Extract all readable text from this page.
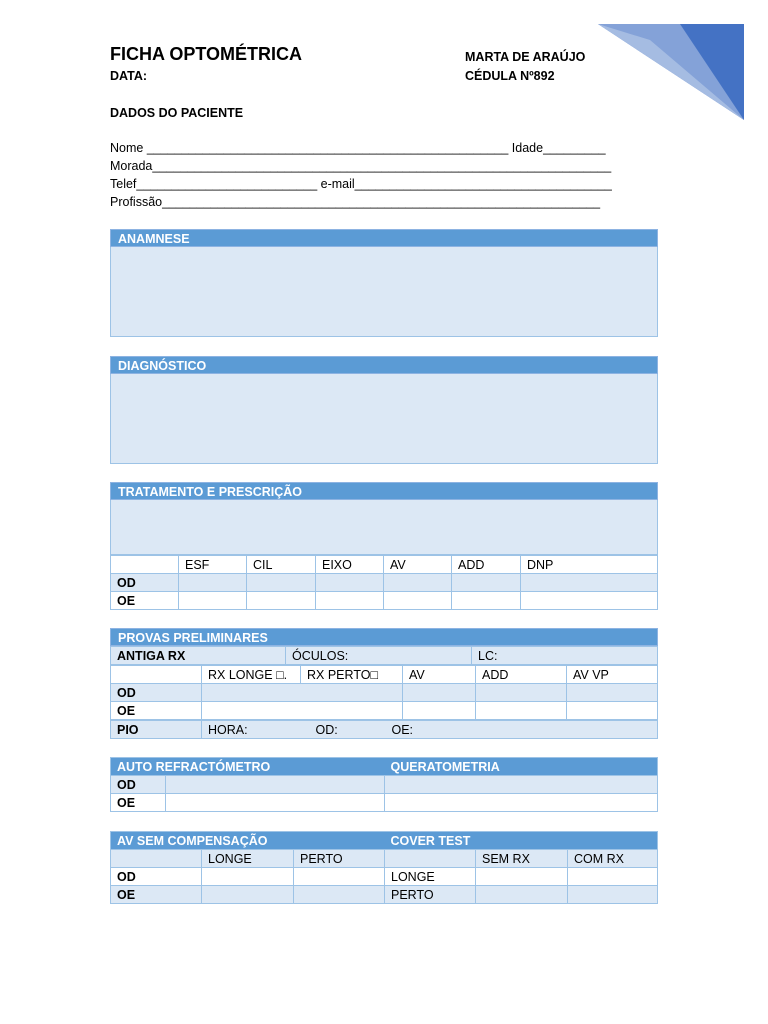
FICHA OPTOMÉTRICA
DATA:
MARTA DE ARAÚJO
CÉDULA Nº892
DADOS DO PACIENTE
Nome ____________________________________________________ Idade_________
Morada__________________________________________________________________
Telef__________________________ e-mail_____________________________________
Profissão_______________________________________________________________
ANAMNESE
DIAGNÓSTICO
TRATAMENTO E PRESCRIÇÃO
	ESF	CIL	EIXO	AV	ADD	DNP
OD						
OE						
PROVAS PRELIMINARES
ANTIGA RX	ÓCULOS:	LC:
	RX LONGE □.	RX PERTO□	AV	ADD	AV VP
OD					
OE					
PIO	HORA:	OD:	OE:
AUTO REFRACTÓMETRO		QUERATOMETRIA
OD		
OE		
AV SEM COMPENSAÇÃO			COVER TEST		
	LONGE	PERTO		SEM RX	COM RX
OD			LONGE		
OE			PERTO		
